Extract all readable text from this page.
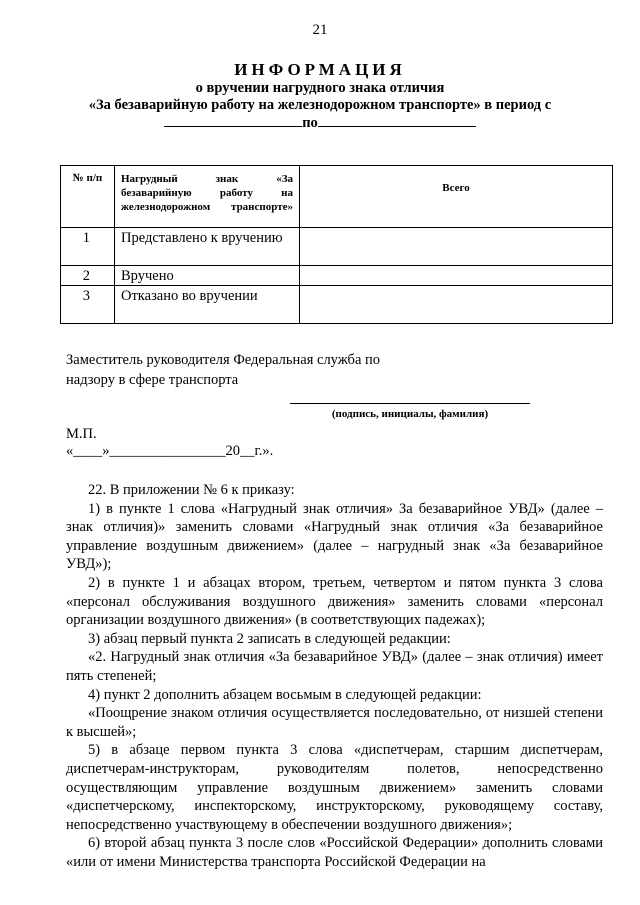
21
ИНФОРМАЦИЯ
о вручении нагрудного знака отличия
«За безаварийную работу на железнодорожном транспорте» в период с
по
№ п/п	Нагрудный знак «За безаварийную работу на железнодорожном транспорте»	Всего
1	Представлено к вручению	
2	Вручено	
3	Отказано во вручении	
Заместитель руководителя Федеральная служба по
надзору в сфере транспорта
(подпись, инициалы, фамилия)
М.П.
«____»________________20__г.».

22. В приложении № 6 к приказу:

1) в пункте 1 слова «Нагрудный знак отличия» За безаварийное УВД» (далее – знак отличия)» заменить словами «Нагрудный знак отличия «За безаварийное управление воздушным движением» (далее – нагрудный знак «За безаварийное УВД»);

2) в пункте 1 и абзацах втором, третьем, четвертом и пятом пункта 3 слова «персонал обслуживания воздушного движения» заменить словами «персонал организации воздушного движения» (в соответствующих падежах);

3) абзац первый пункта 2 записать в следующей редакции:

«2. Нагрудный знак отличия «За безаварийное УВД» (далее – знак отличия) имеет пять степеней;

4) пункт 2 дополнить абзацем восьмым в следующей редакции:

«Поощрение знаком отличия осуществляется последовательно, от низшей степени к высшей»;

5) в абзаце первом пункта 3 слова «диспетчерам, старшим диспетчерам, диспетчерам-инструкторам, руководителям полетов, непосредственно осуществляющим управление воздушным движением» заменить словами «диспетчерскому, инспекторскому, инструкторскому, руководящему составу, непосредственно участвующему в обеспечении воздушного движения»;

6) второй абзац пункта 3 после слов «Российской Федерации» дополнить словами «или от имени Министерства транспорта Российской Федерации на
